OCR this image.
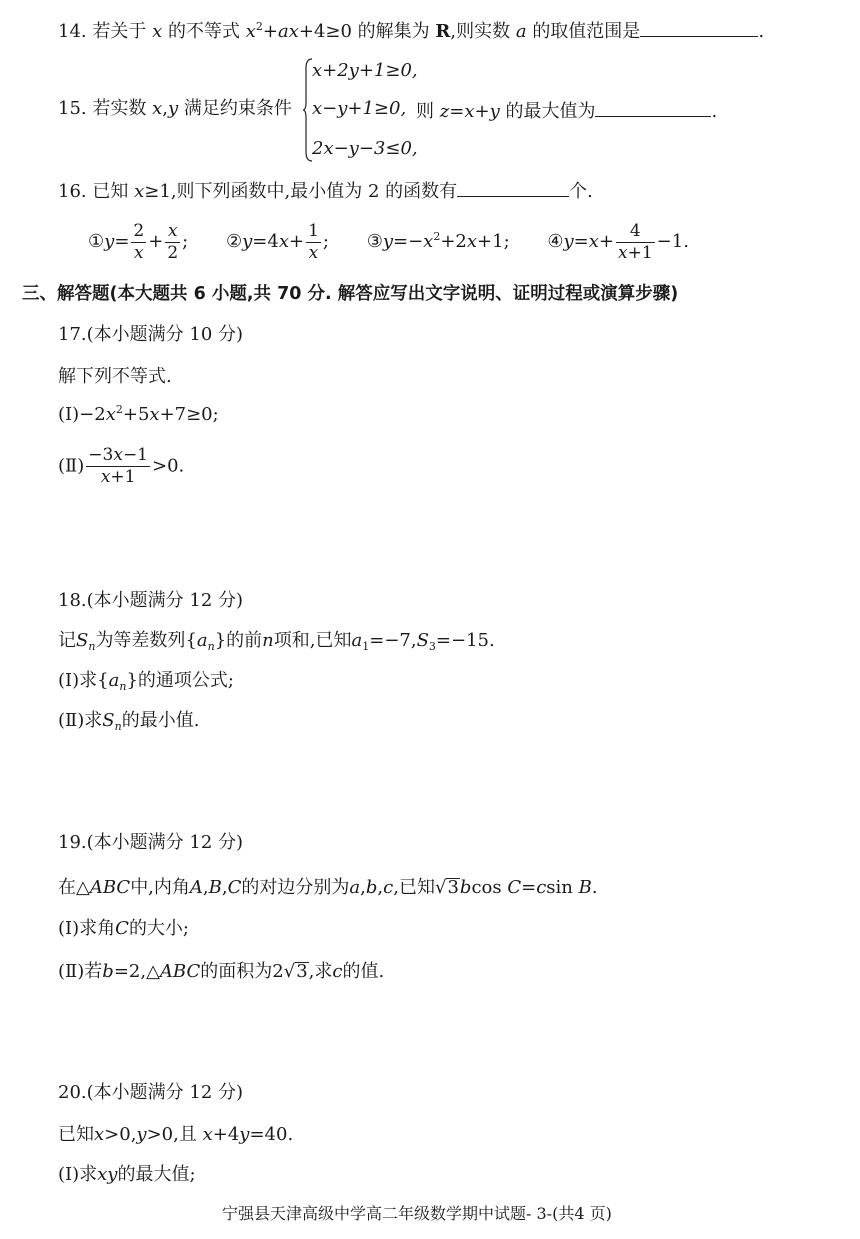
14. 若关于 x 的不等式 $x^2+ax+4\ge 0$ 的解集为 R,则实数 a 的取值范围是	.
15. 若实数 x,y 满足约束条件
x+2y+1≥0,
x−y+1≥0,
2x−y−3≤0,
则 z=x+y 的最大值为	.
16. 已知 x≥1,则下列函数中,最小值为 2 的函数有	个.
①y= $\frac{2}{x} + \frac{x}{2}$ ; ②y=4x+ $\frac{1}{x}$ ; $③y=-x^2+2x+1$; ④y=x+ $\frac{4}{x+1} -1$.
三、解答题(本大题共 6 小题,共 70 分. 解答应写出文字说明、证明过程或演算步骤)
17.(本小题满分 10 分)
解下列不等式.
$(Ⅰ)-2x^2+5x+7\ge 0$;
(Ⅱ) $\frac{-3x-1}{x+1} >0$.
18.(本小题满分 12 分)
记$S_n$为等差数列$\{a_n\}$的前n项和,已知$a_1=-7,S_3=-15$.
(Ⅰ)求$\{a_n\}$的通项公式;
(Ⅱ)求$S_n$的最小值.
19.(本小题满分 12 分)
在△ABC中,内角A,B,C的对边分别为a,b,c,已知√3bcos C=csin B.
(Ⅰ)求角C的大小;
(Ⅱ)若b=2,△ABC的面积为2√3,求c的值.
20.(本小题满分 12 分)
已知x>0,y>0,且 x+4y=40.
(Ⅰ)求xy的最大值;
宁强县天津高级中学高二年级数学期中试题- 3-(共4 页)
